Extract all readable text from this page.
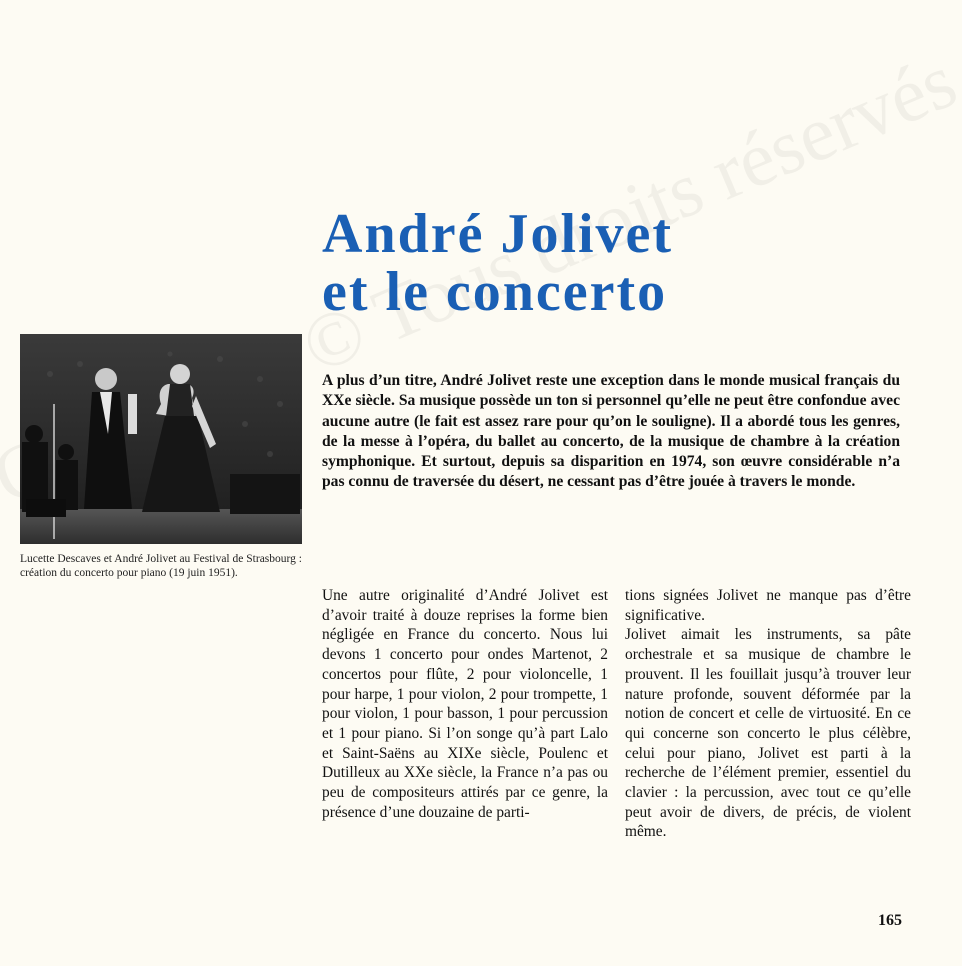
André Jolivet
et le concerto
Lucette Descaves et André Jolivet au Festival de Strasbourg : création du concerto pour piano (19 juin 1951).

A plus d’un titre, André Jolivet reste une exception dans le monde musical français du XXe siècle. Sa musique possède un ton si personnel qu’elle ne peut être confondue avec aucune autre (le fait est assez rare pour qu’on le souligne). Il a abordé tous les genres, de la messe à l’opéra, du ballet au concerto, de la musique de chambre à la création symphonique. Et surtout, depuis sa disparition en 1974, son œuvre considérable n’a pas connu de traversée du désert, ne cessant pas d’être jouée à travers le monde.

Une autre originalité d’André Jolivet est d’avoir traité à douze reprises la forme bien négligée en France du concerto. Nous lui devons 1 concerto pour ondes Martenot, 2 concertos pour flûte, 2 pour violoncelle, 1 pour harpe, 1 pour violon, 2 pour trompette, 1 pour violon, 1 pour basson, 1 pour percussion et 1 pour piano. Si l’on songe qu’à part Lalo et Saint-Saëns au XIXe siècle, Poulenc et Dutilleux au XXe siècle, la France n’a pas ou peu de compositeurs attirés par ce genre, la présence d’une douzaine de parti-

tions signées Jolivet ne manque pas d’être significative.

Jolivet aimait les instruments, sa pâte orchestrale et sa musique de chambre le prouvent. Il les fouillait jusqu’à trouver leur nature profonde, souvent déformée par la notion de concert et celle de virtuosité. En ce qui concerne son concerto le plus célèbre, celui pour piano, Jolivet est parti à la recherche de l’élément premier, essentiel du clavier : la percussion, avec tout ce qu’elle peut avoir de divers, de précis, de violent même.

165
